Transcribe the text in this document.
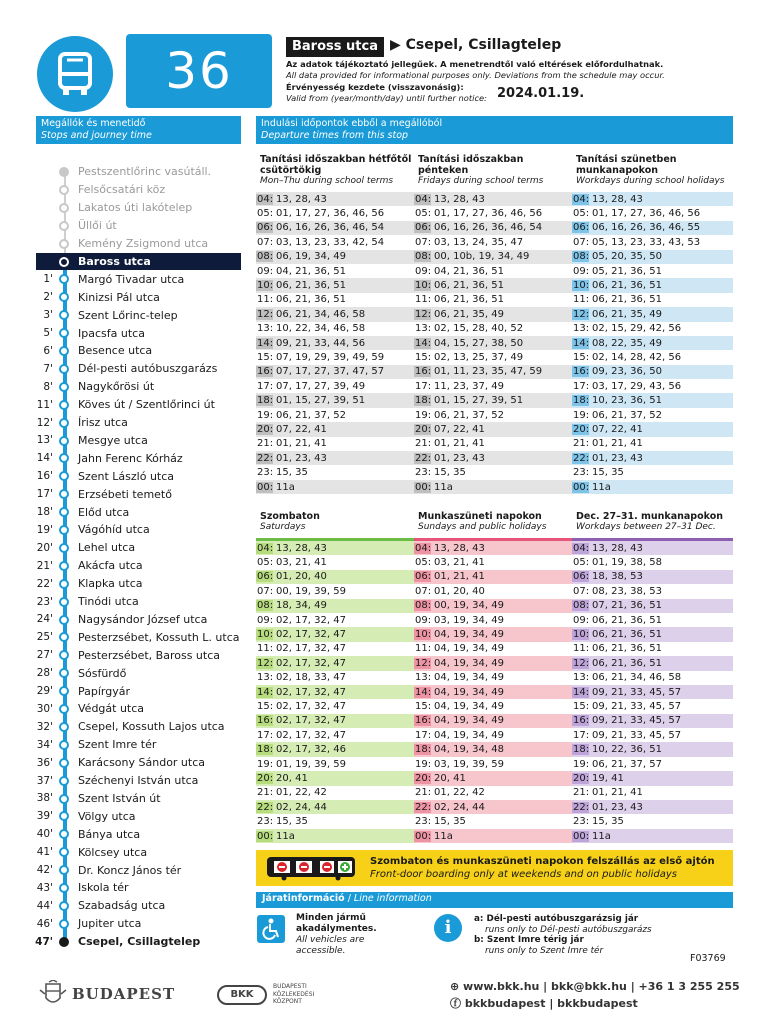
36	Baross utca ▶ Csepel, Csillagtelep
Az adatok tájékoztató jellegűek. A menetrendtől való eltérések előfordulhatnak.
All data provided for informational purposes only. Deviations from the schedule may occur.
Érvényesség kezdete (visszavonásig):
Valid from (year/month/day) until further notice: 2024.01.19.
Megállók és menetidő
Stops and journey time
Indulási időpontok ebből a megállóból
Departure times from this stop
Pestszentlőrinc vasútáll.
Felsőcsatári köz
Lakatos úti lakótelep
Üllői út
Kemény Zsigmond utca
Baross utca
1' Margó Tivadar utca
2' Kinizsi Pál utca
3' Szent Lőrinc-telep
5' Ipacsfa utca
6' Besence utca
7' Dél-pesti autóbuszgarázs
8' Nagykőrösi út
11' Köves út / Szentlőrinci út
12' Írisz utca
13' Mesgye utca
14' Jahn Ferenc Kórház
16' Szent László utca
17' Erzsébeti temető
18' Előd utca
19' Vágóhíd utca
20' Lehel utca
21' Akácfa utca
22' Klapka utca
23' Tinódi utca
24' Nagysándor József utca
25' Pesterzsébet, Kossuth L. utca
27' Pesterzsébet, Baross utca
28' Sósfürdő
29' Papírgyár
30' Védgát utca
32' Csepel, Kossuth Lajos utca
34' Szent Imre tér
36' Karácsony Sándor utca
37' Széchenyi István utca
38' Szent István út
39' Völgy utca
40' Bánya utca
41' Kölcsey utca
42' Dr. Koncz János tér
43' Iskola tér
44' Szabadság utca
46' Jupiter utca
47' Csepel, Csillagtelep
Tanítási időszakban hétfőtől csütörtökig
Mon–Thu during school terms
04: 13, 28, 43
05: 01, 17, 27, 36, 46, 56
06: 06, 16, 26, 36, 46, 54
07: 03, 13, 23, 33, 42, 54
08: 06, 19, 34, 49
09: 04, 21, 36, 51
10: 06, 21, 36, 51
11: 06, 21, 36, 51
12: 06, 21, 34, 46, 58
13: 10, 22, 34, 46, 58
14: 09, 21, 33, 44, 56
15: 07, 19, 29, 39, 49, 59
16: 07, 17, 27, 37, 47, 57
17: 07, 17, 27, 39, 49
18: 01, 15, 27, 39, 51
19: 06, 21, 37, 52
20: 07, 22, 41
21: 01, 21, 41
22: 01, 23, 43
23: 15, 35
00: 11a
Tanítási időszakban pénteken
Fridays during school terms
04: 13, 28, 43
05: 01, 17, 27, 36, 46, 56
06: 06, 16, 26, 36, 46, 54
07: 03, 13, 24, 35, 47
08: 00, 10b, 19, 34, 49
09: 04, 21, 36, 51
10: 06, 21, 36, 51
11: 06, 21, 36, 51
12: 06, 21, 35, 49
13: 02, 15, 28, 40, 52
14: 04, 15, 27, 38, 50
15: 02, 13, 25, 37, 49
16: 01, 11, 23, 35, 47, 59
17: 11, 23, 37, 49
18: 01, 15, 27, 39, 51
19: 06, 21, 37, 52
20: 07, 22, 41
21: 01, 21, 41
22: 01, 23, 43
23: 15, 35
00: 11a
Tanítási szünetben munkanapokon
Workdays during school holidays
04: 13, 28, 43
05: 01, 17, 27, 36, 46, 56
06: 06, 16, 26, 36, 46, 55
07: 05, 13, 23, 33, 43, 53
08: 05, 20, 35, 50
09: 05, 21, 36, 51
10: 06, 21, 36, 51
11: 06, 21, 36, 51
12: 06, 21, 35, 49
13: 02, 15, 29, 42, 56
14: 08, 22, 35, 49
15: 02, 14, 28, 42, 56
16: 09, 23, 36, 50
17: 03, 17, 29, 43, 56
18: 10, 23, 36, 51
19: 06, 21, 37, 52
20: 07, 22, 41
21: 01, 21, 41
22: 01, 23, 43
23: 15, 35
00: 11a
Szombaton
Saturdays
04: 13, 28, 43
05: 03, 21, 41
06: 01, 20, 40
07: 00, 19, 39, 59
08: 18, 34, 49
09: 02, 17, 32, 47
10: 02, 17, 32, 47
11: 02, 17, 32, 47
12: 02, 17, 32, 47
13: 02, 18, 33, 47
14: 02, 17, 32, 47
15: 02, 17, 32, 47
16: 02, 17, 32, 47
17: 02, 17, 32, 47
18: 02, 17, 32, 46
19: 01, 19, 39, 59
20: 20, 41
21: 01, 22, 42
22: 02, 24, 44
23: 15, 35
00: 11a
Munkaszüneti napokon
Sundays and public holidays
04: 13, 28, 43
05: 03, 21, 41
06: 01, 21, 41
07: 01, 20, 40
08: 00, 19, 34, 49
09: 03, 19, 34, 49
10: 04, 19, 34, 49
11: 04, 19, 34, 49
12: 04, 19, 34, 49
13: 04, 19, 34, 49
14: 04, 19, 34, 49
15: 04, 19, 34, 49
16: 04, 19, 34, 49
17: 04, 19, 34, 49
18: 04, 19, 34, 48
19: 03, 19, 39, 59
20: 20, 41
21: 01, 22, 42
22: 02, 24, 44
23: 15, 35
00: 11a
Dec. 27–31. munkanapokon
Workdays between 27–31 Dec.
04: 13, 28, 43
05: 01, 19, 38, 58
06: 18, 38, 53
07: 08, 23, 38, 53
08: 07, 21, 36, 51
09: 06, 21, 36, 51
10: 06, 21, 36, 51
11: 06, 21, 36, 51
12: 06, 21, 36, 51
13: 06, 21, 34, 46, 58
14: 09, 21, 33, 45, 57
15: 09, 21, 33, 45, 57
16: 09, 21, 33, 45, 57
17: 09, 21, 33, 45, 57
18: 10, 22, 36, 51
19: 06, 21, 37, 57
20: 19, 41
21: 01, 21, 41
22: 01, 23, 43
23: 15, 35
00: 11a
Szombaton és munkaszüneti napokon felszállás az első ajtón
Front-door boarding only at weekends and on public holidays
Járatinformáció / Line information
Minden jármű akadálymentes.
All vehicles are accessible.
i	a: Dél-pesti autóbuszgarázsig jár
runs only to Dél-pesti autóbuszgarázs
b: Szent Imre térig jár
runs only to Szent Imre tér
F03769
BUDAPEST	BKK
BUDAPESTI KÖZLEKEDÉSI KÖZPONT
⊕ www.bkk.hu | bkk@bkk.hu | +36 1 3 255 255
ⓕ bkkbudapest | bkkbudapest
